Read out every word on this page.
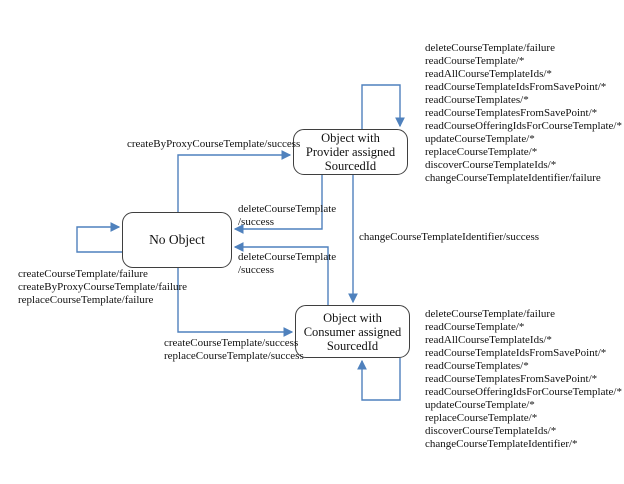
No Object
Object with
Provider assigned
SourcedId
Object with
Consumer assigned
SourcedId
createByProxyCourseTemplate/success
deleteCourseTemplate
/success
deleteCourseTemplate
/success
changeCourseTemplateIdentifier/success
createCourseTemplate/failure
createByProxyCourseTemplate/failure
replaceCourseTemplate/failure
createCourseTemplate/success
replaceCourseTemplate/success
deleteCourseTemplate/failure
readCourseTemplate/*
readAllCourseTemplateIds/*
readCourseTemplateIdsFromSavePoint/*
readCourseTemplates/*
readCourseTemplatesFromSavePoint/*
readCourseOfferingIdsForCourseTemplate/*
updateCourseTemplate/*
replaceCourseTemplate/*
discoverCourseTemplateIds/*
changeCourseTemplateIdentifier/failure
deleteCourseTemplate/failure
readCourseTemplate/*
readAllCourseTemplateIds/*
readCourseTemplateIdsFromSavePoint/*
readCourseTemplates/*
readCourseTemplatesFromSavePoint/*
readCourseOfferingIdsForCourseTemplate/*
updateCourseTemplate/*
replaceCourseTemplate/*
discoverCourseTemplateIds/*
changeCourseTemplateIdentifier/*
